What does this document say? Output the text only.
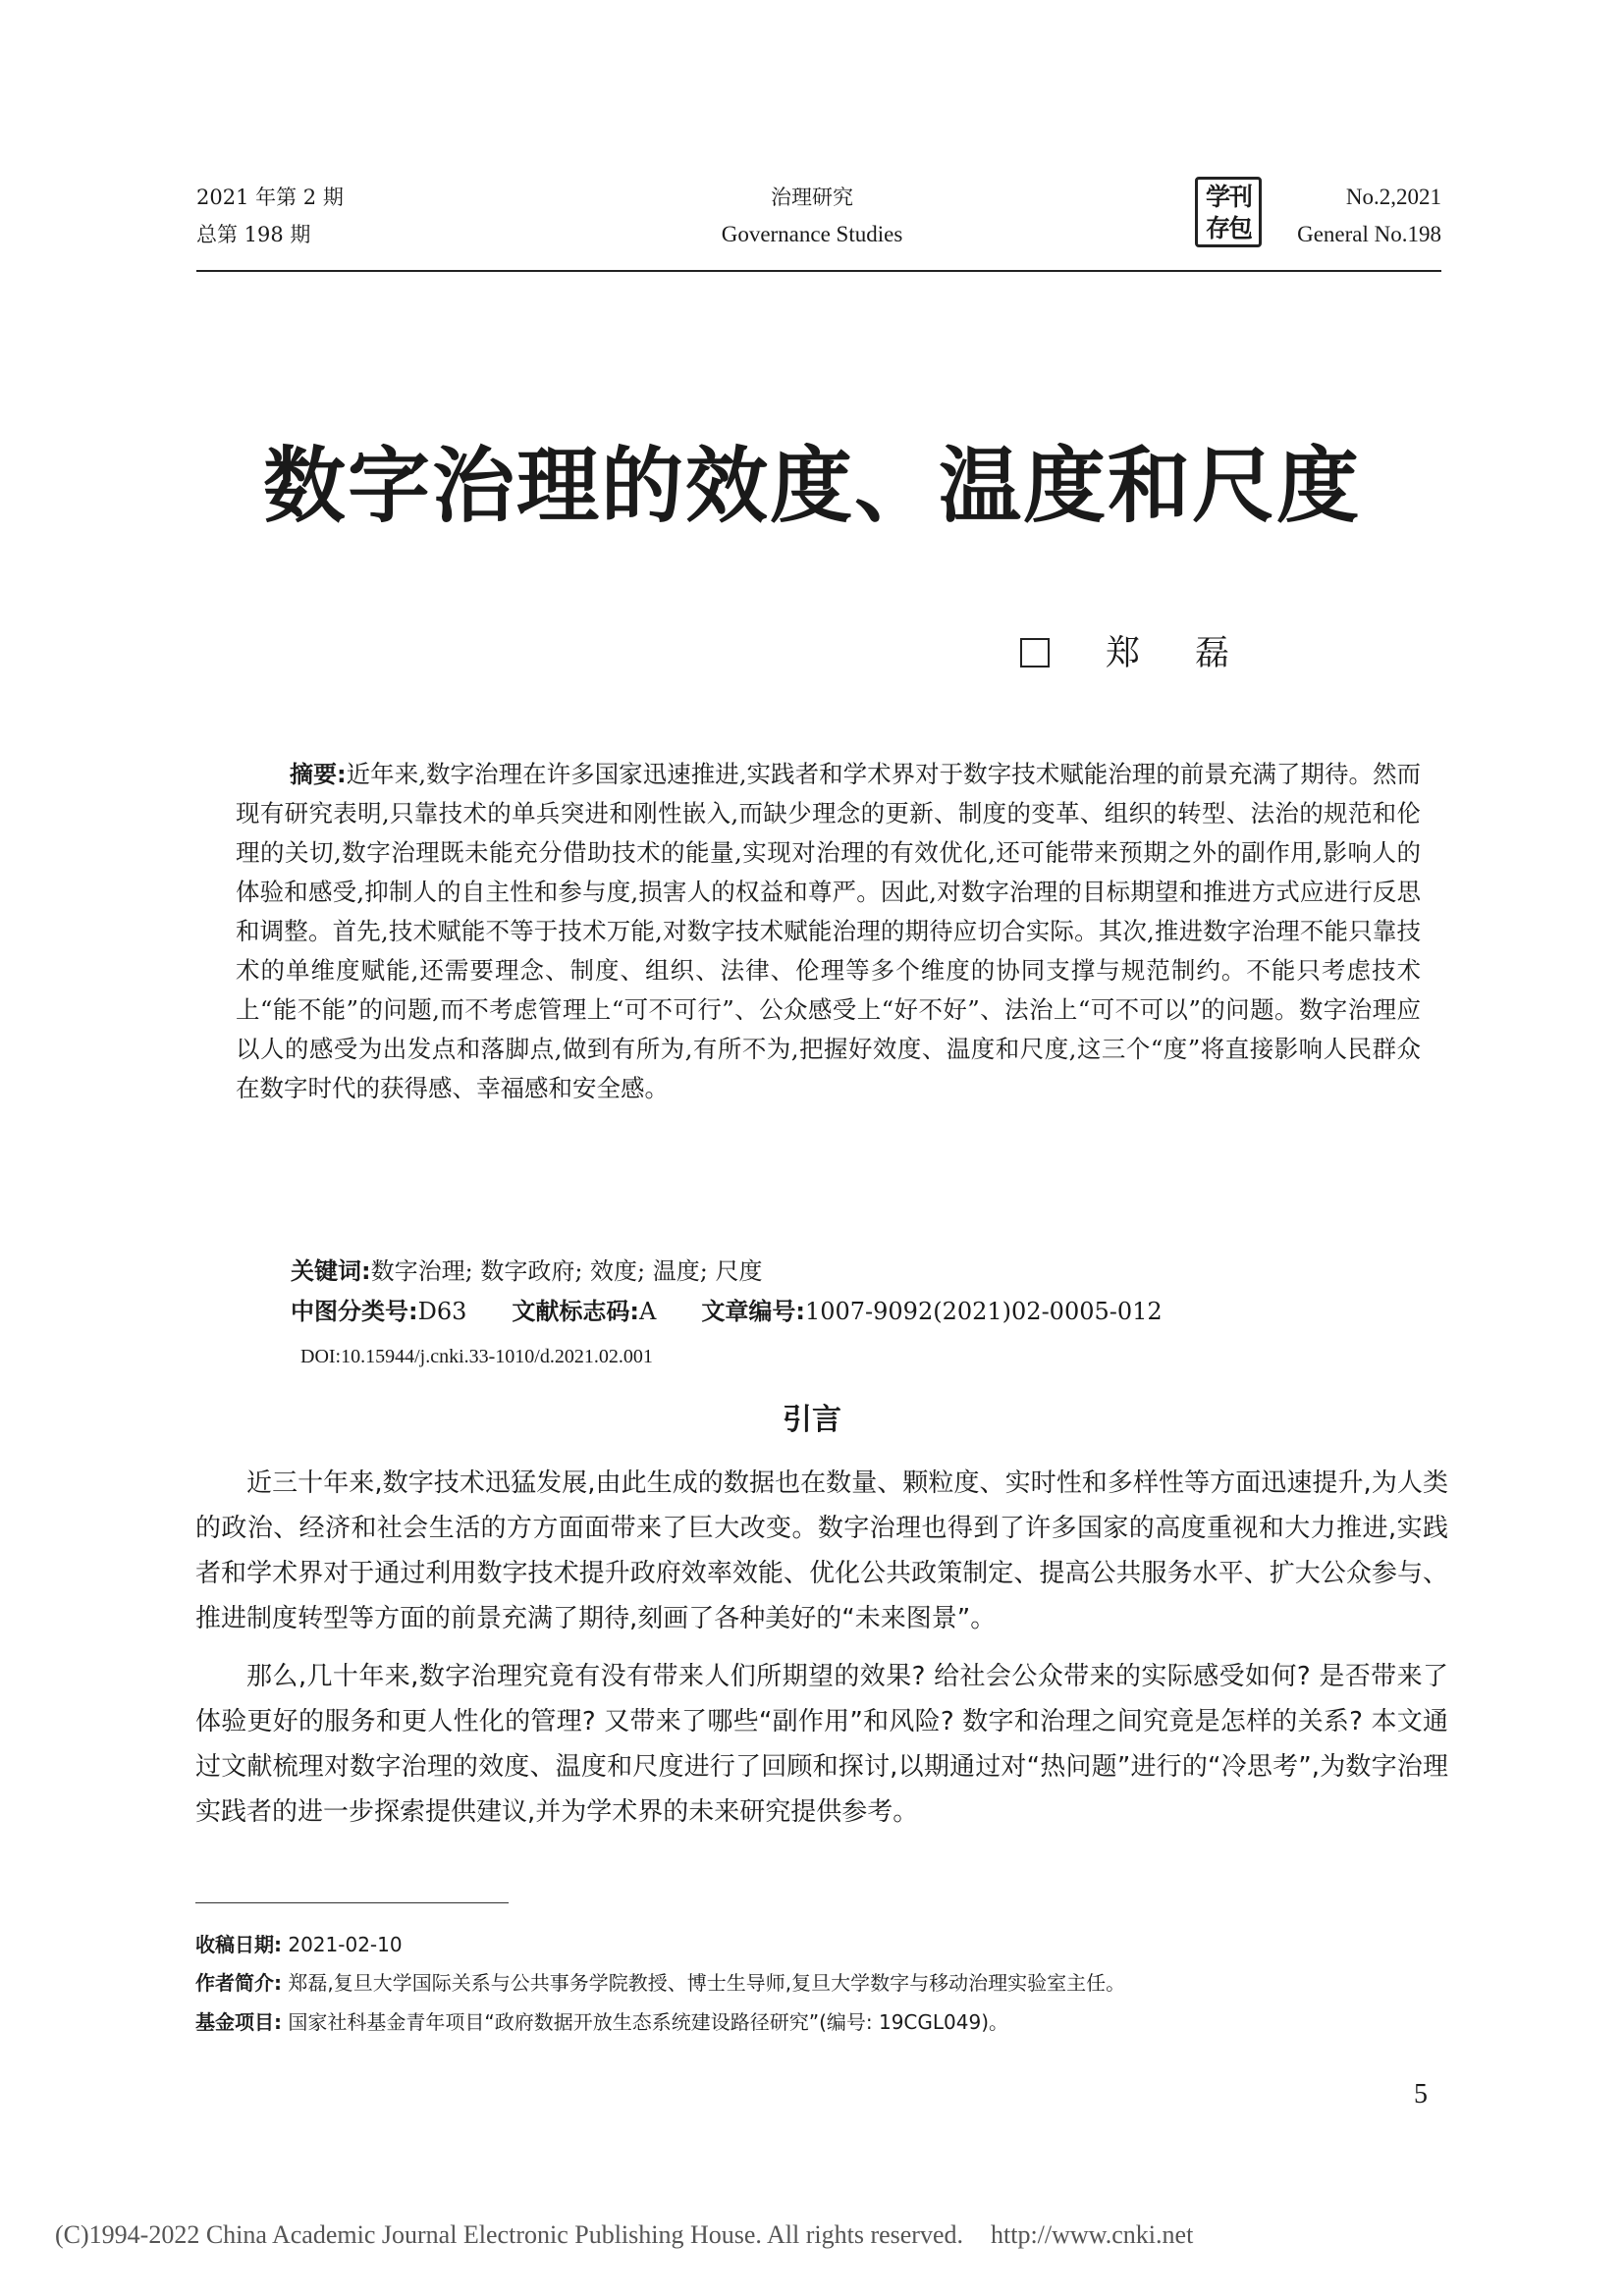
2021 年第 2 期
总第 198 期
治理研究
Governance Studies
学刊
存包
No.2,2021
General No.198
数字治理的效度、温度和尺度
郑磊

摘要:近年来,数字治理在许多国家迅速推进,实践者和学术界对于数字技术赋能治理的前景充满了期待。然而现有研究表明,只靠技术的单兵突进和刚性嵌入,而缺少理念的更新、制度的变革、组织的转型、法治的规范和伦理的关切,数字治理既未能充分借助技术的能量,实现对治理的有效优化,还可能带来预期之外的副作用,影响人的体验和感受,抑制人的自主性和参与度,损害人的权益和尊严。因此,对数字治理的目标期望和推进方式应进行反思和调整。首先,技术赋能不等于技术万能,对数字技术赋能治理的期待应切合实际。其次,推进数字治理不能只靠技术的单维度赋能,还需要理念、制度、组织、法律、伦理等多个维度的协同支撑与规范制约。不能只考虑技术上“能不能”的问题,而不考虑管理上“可不可行”、公众感受上“好不好”、法治上“可不可以”的问题。数字治理应以人的感受为出发点和落脚点,做到有所为,有所不为,把握好效度、温度和尺度,这三个“度”将直接影响人民群众在数字时代的获得感、幸福感和安全感。

关键词:数字治理; 数字政府; 效度; 温度; 尺度
中图分类号:D63 文献标志码:A 文章编号:1007-9092(2021)02-0005-012
DOI:10.15944/j.cnki.33-1010/d.2021.02.001
引言

近三十年来,数字技术迅猛发展,由此生成的数据也在数量、颗粒度、实时性和多样性等方面迅速提升,为人类的政治、经济和社会生活的方方面面带来了巨大改变。数字治理也得到了许多国家的高度重视和大力推进,实践者和学术界对于通过利用数字技术提升政府效率效能、优化公共政策制定、提高公共服务水平、扩大公众参与、推进制度转型等方面的前景充满了期待,刻画了各种美好的“未来图景”。

那么,几十年来,数字治理究竟有没有带来人们所期望的效果? 给社会公众带来的实际感受如何? 是否带来了体验更好的服务和更人性化的管理? 又带来了哪些“副作用”和风险? 数字和治理之间究竟是怎样的关系? 本文通过文献梳理对数字治理的效度、温度和尺度进行了回顾和探讨,以期通过对“热问题”进行的“冷思考”,为数字治理实践者的进一步探索提供建议,并为学术界的未来研究提供参考。

收稿日期: 2021-02-10
作者简介: 郑磊,复旦大学国际关系与公共事务学院教授、博士生导师,复旦大学数字与移动治理实验室主任。
基金项目: 国家社科基金青年项目“政府数据开放生态系统建设路径研究”(编号: 19CGL049)。
5
(C)1994-2022 China Academic Journal Electronic Publishing House. All rights reserved. http://www.cnki.net
